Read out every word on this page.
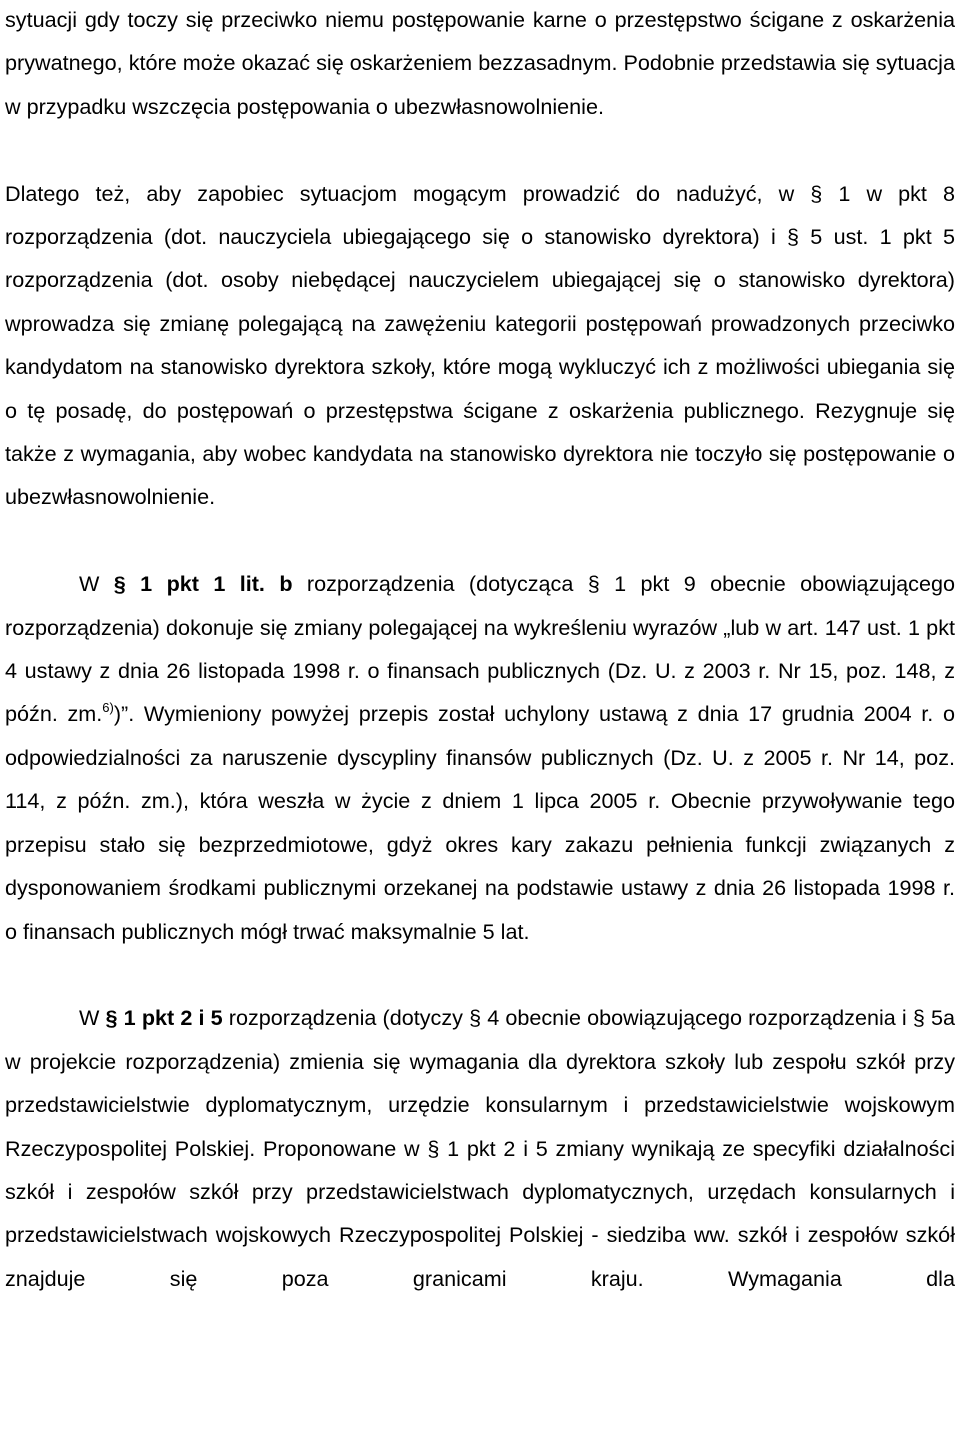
sytuacji gdy toczy się przeciwko niemu postępowanie karne o przestępstwo ścigane z oskarżenia prywatnego, które może okazać się oskarżeniem bezzasadnym. Podobnie przedstawia się sytuacja w przypadku wszczęcia postępowania o ubezwłasnowolnienie.

Dlatego też, aby zapobiec sytuacjom mogącym prowadzić do nadużyć, w § 1 w pkt 8 rozporządzenia (dot. nauczyciela ubiegającego się o stanowisko dyrektora) i § 5 ust. 1 pkt 5 rozporządzenia (dot. osoby niebędącej nauczycielem ubiegającej się o stanowisko dyrektora) wprowadza się zmianę polegającą na zawężeniu kategorii postępowań prowadzonych przeciwko kandydatom na stanowisko dyrektora szkoły, które mogą wykluczyć ich z możliwości ubiegania się o tę posadę, do postępowań o przestępstwa ścigane z oskarżenia publicznego. Rezygnuje się także z wymagania, aby wobec kandydata na stanowisko dyrektora nie toczyło się postępowanie o ubezwłasnowolnienie.

W § 1 pkt 1 lit. b rozporządzenia (dotycząca § 1 pkt 9 obecnie obowiązującego rozporządzenia) dokonuje się zmiany polegającej na wykreśleniu wyrazów „lub w art. 147 ust. 1 pkt 4 ustawy z dnia 26 listopada 1998 r. o finansach publicznych (Dz. U. z 2003 r. Nr 15, poz. 148, z późn. zm.$^{6)}$)”. Wymieniony powyżej przepis został uchylony ustawą z dnia 17 grudnia 2004 r. o odpowiedzialności za naruszenie dyscypliny finansów publicznych (Dz. U. z 2005 r. Nr 14, poz. 114, z późn. zm.), która weszła w życie z dniem 1 lipca 2005 r. Obecnie przywoływanie tego przepisu stało się bezprzedmiotowe, gdyż okres kary zakazu pełnienia funkcji związanych z dysponowaniem środkami publicznymi orzekanej na podstawie ustawy z dnia 26 listopada 1998 r. o finansach publicznych mógł trwać maksymalnie 5 lat.

W § 1 pkt 2 i 5 rozporządzenia (dotyczy § 4 obecnie obowiązującego rozporządzenia i § 5a w projekcie rozporządzenia) zmienia się wymagania dla dyrektora szkoły lub zespołu szkół przy przedstawicielstwie dyplomatycznym, urzędzie konsularnym i przedstawicielstwie wojskowym Rzeczypospolitej Polskiej. Proponowane w § 1 pkt 2 i 5 zmiany wynikają ze specyfiki działalności szkół i zespołów szkół przy przedstawicielstwach dyplomatycznych, urzędach konsularnych i przedstawicielstwach wojskowych Rzeczypospolitej Polskiej - siedziba ww. szkół i zespołów szkół znajduje się poza granicami kraju. Wymagania dla
